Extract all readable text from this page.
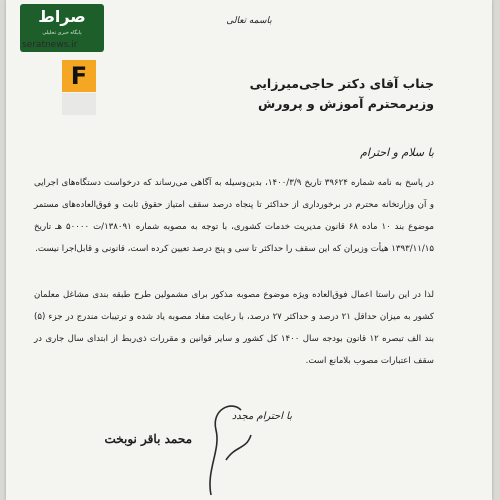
صراط
پایگاه خبری تحلیلی
seratnews.ir
F
باسمه تعالی
جناب آقای دکتر حاجی‌میرزایی
وزیرمحترم آموزش و پرورش
با سلام و احترام
در پاسخ به نامه شماره ۳۹۶۲۴ تاریخ ۱۴۰۰/۳/۹، بدین‌وسیله به آگاهی می‌رساند که درخواست دستگاه‌های اجرایی و آن وزارتخانه محترم در برخورداری از حداکثر تا پنجاه درصد سقف امتیاز حقوق ثابت و فوق‌العاده‌های مستمر موضوع بند ۱۰ ماده ۶۸ قانون مدیریت خدمات کشوری، با توجه به مصوبه شماره ۱۳۸۰۹۱/ت ۵۰۰۰۰ هـ تاریخ ۱۳۹۳/۱۱/۱۵ هیأت وزیران که این سقف را حداکثر تا سی و پنج درصد تعیین کرده است، قانونی و قابل‌اجرا نیست.
لذا در این راستا اعمال فوق‌العاده ویژه موضوع مصوبه مذکور برای مشمولین طرح طبقه بندی مشاغل معلمان کشور به میزان حداقل ۲۱ درصد و حداکثر ۲۷ درصد، با رعایت مفاد مصوبه یاد شده و ترتیبات مندرج در جزء (۵) بند الف تبصره ۱۲ قانون بودجه سال ۱۴۰۰ کل کشور و سایر قوانین و مقررات ذی‌ربط از ابتدای سال جاری در سقف اعتبارات مصوب بلامانع است.
با احترام مجدد
محمد باقر نوبخت
